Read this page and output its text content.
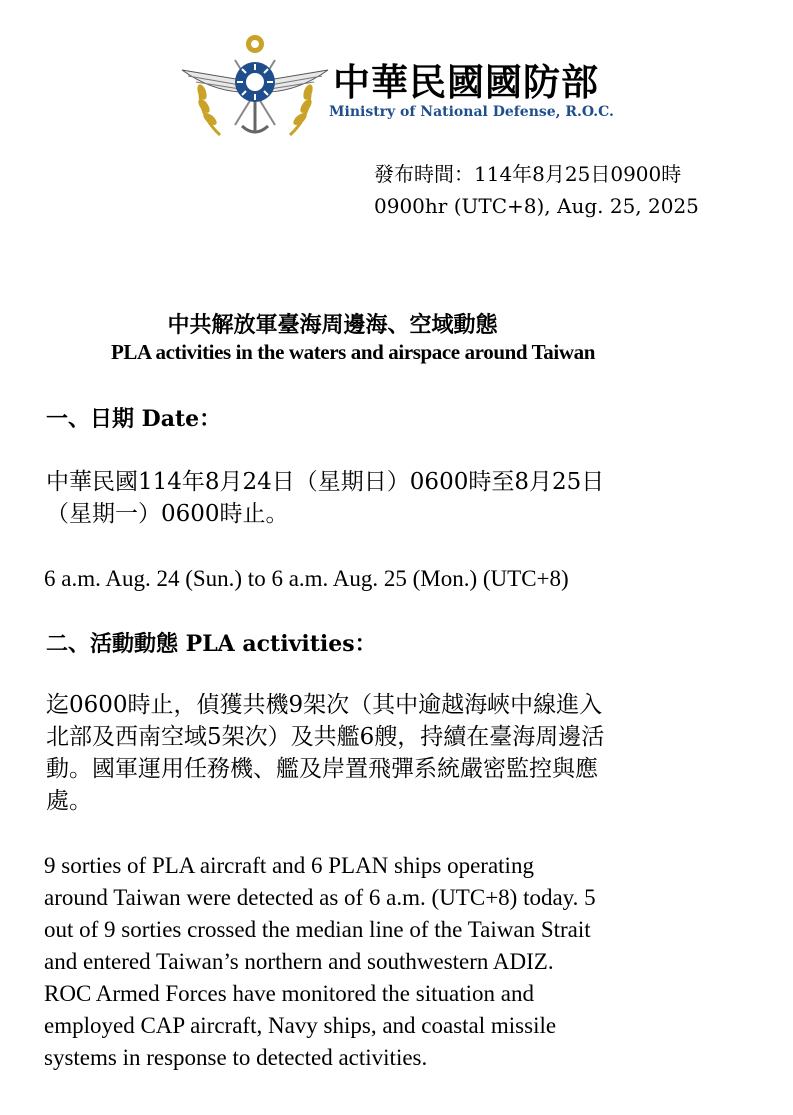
中華民國國防部
Ministry of National Defense, R.O.C.
發布時間：114年8月25日0900時
0900hr (UTC+8), Aug. 25, 2025
中共解放軍臺海周邊海、空域動態
PLA activities in the waters and airspace around Taiwan
一、日期 Date：
中華民國114年8月24日（星期日）0600時至8月25日
（星期一）0600時止。
6 a.m. Aug. 24 (Sun.) to 6 a.m. Aug. 25 (Mon.) (UTC+8)
二、活動動態 PLA activities：
迄0600時止，偵獲共機9架次（其中逾越海峽中線進入
北部及西南空域5架次）及共艦6艘，持續在臺海周邊活
動。國軍運用任務機、艦及岸置飛彈系統嚴密監控與應
處。
9 sorties of PLA aircraft and 6 PLAN ships operating
around Taiwan were detected as of 6 a.m. (UTC+8) today. 5
out of 9 sorties crossed the median line of the Taiwan Strait
and entered Taiwan’s northern and southwestern ADIZ.
ROC Armed Forces have monitored the situation and
employed CAP aircraft, Navy ships, and coastal missile
systems in response to detected activities.
